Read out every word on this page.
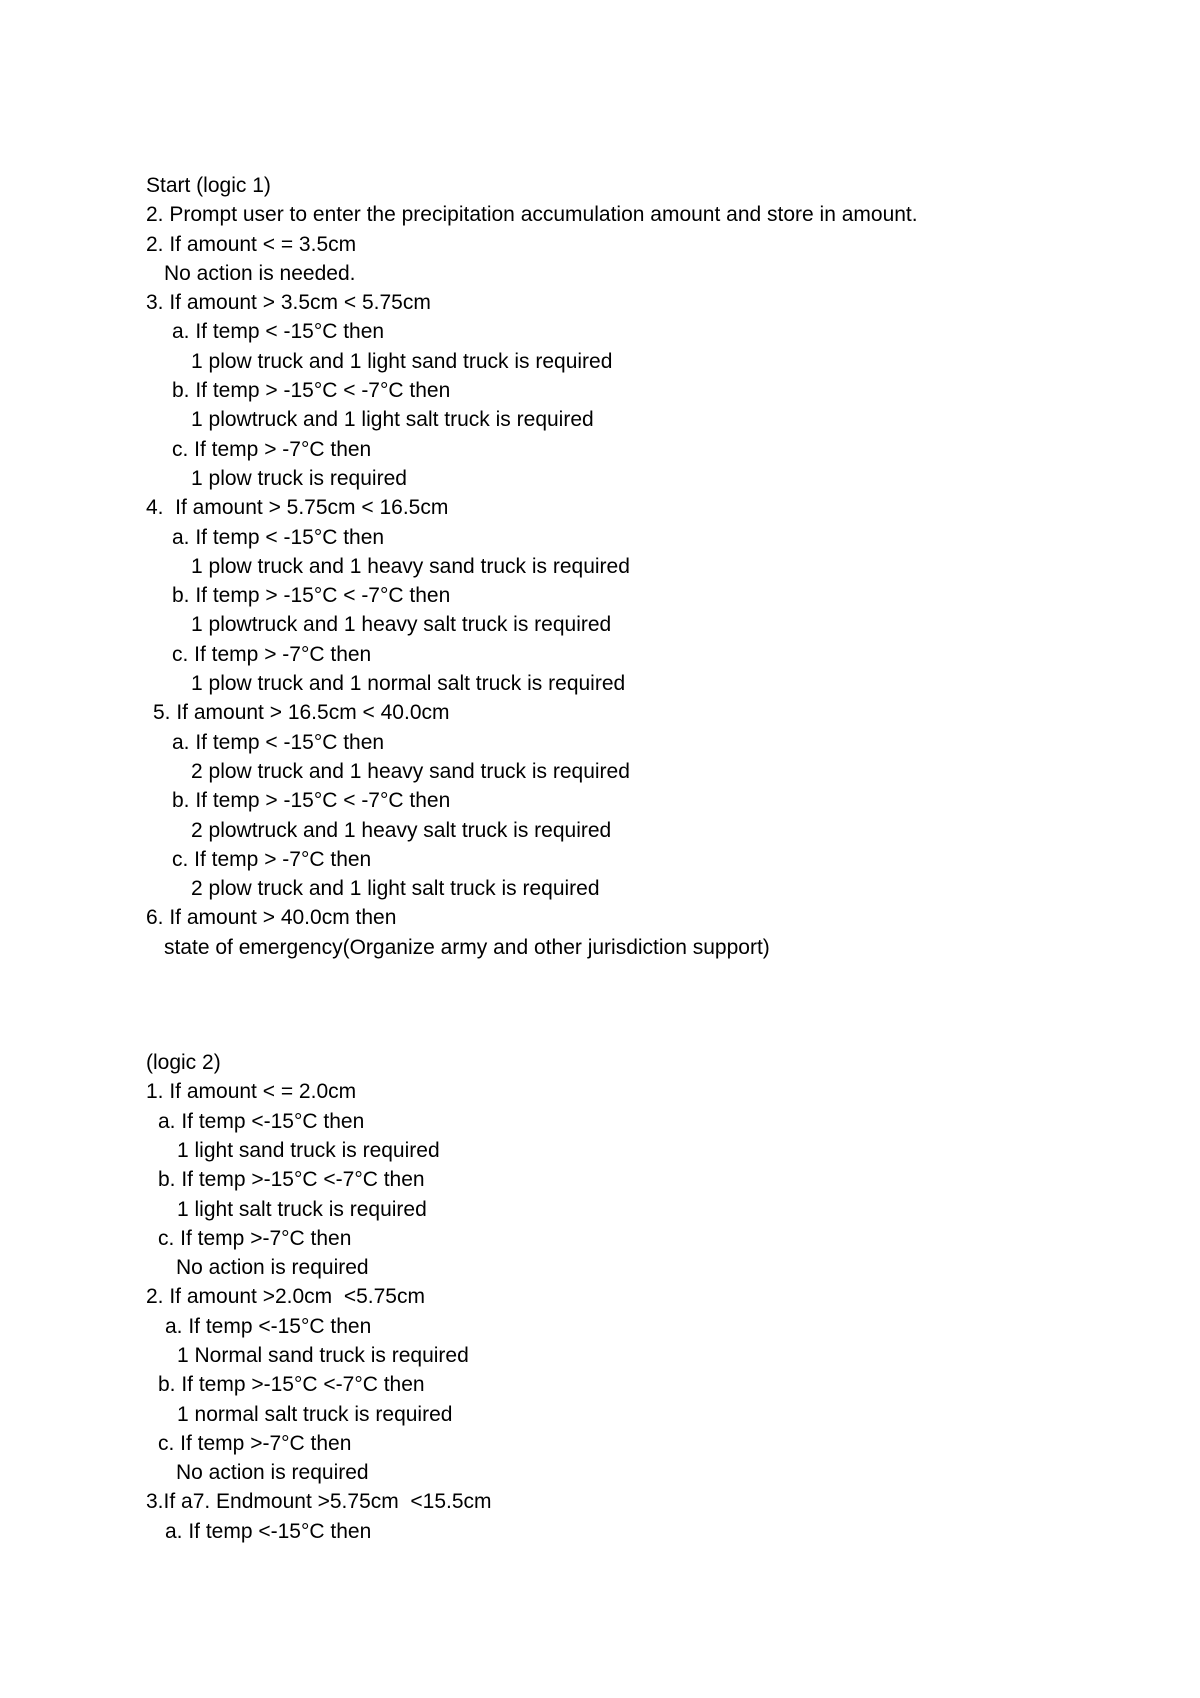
Start (logic 1)
2. Prompt user to enter the precipitation accumulation amount and store in amount.
2. If amount < = 3.5cm
No action is needed.
3. If amount > 3.5cm < 5.75cm
a. If temp < -15°C then
1 plow truck and 1 light sand truck is required
b. If temp > -15°C < -7°C then
1 plowtruck and 1 light salt truck is required
c. If temp > -7°C then
1 plow truck is required
4.  If amount > 5.75cm < 16.5cm
a. If temp < -15°C then
1 plow truck and 1 heavy sand truck is required
b. If temp > -15°C < -7°C then
1 plowtruck and 1 heavy salt truck is required
c. If temp > -7°C then
1 plow truck and 1 normal salt truck is required
5. If amount > 16.5cm < 40.0cm
a. If temp < -15°C then
2 plow truck and 1 heavy sand truck is required
b. If temp > -15°C < -7°C then
2 plowtruck and 1 heavy salt truck is required
c. If temp > -7°C then
2 plow truck and 1 light salt truck is required
6. If amount > 40.0cm then
state of emergency(Organize army and other jurisdiction support)
(logic 2)
1. If amount < = 2.0cm
a. If temp <-15°C then
1 light sand truck is required
b. If temp >-15°C <-7°C then
1 light salt truck is required
c. If temp >-7°C then
No action is required
2. If amount >2.0cm  <5.75cm
a. If temp <-15°C then
1 Normal sand truck is required
b. If temp >-15°C <-7°C then
1 normal salt truck is required
c. If temp >-7°C then
No action is required
3.If a7. Endmount >5.75cm  <15.5cm
a. If temp <-15°C then
